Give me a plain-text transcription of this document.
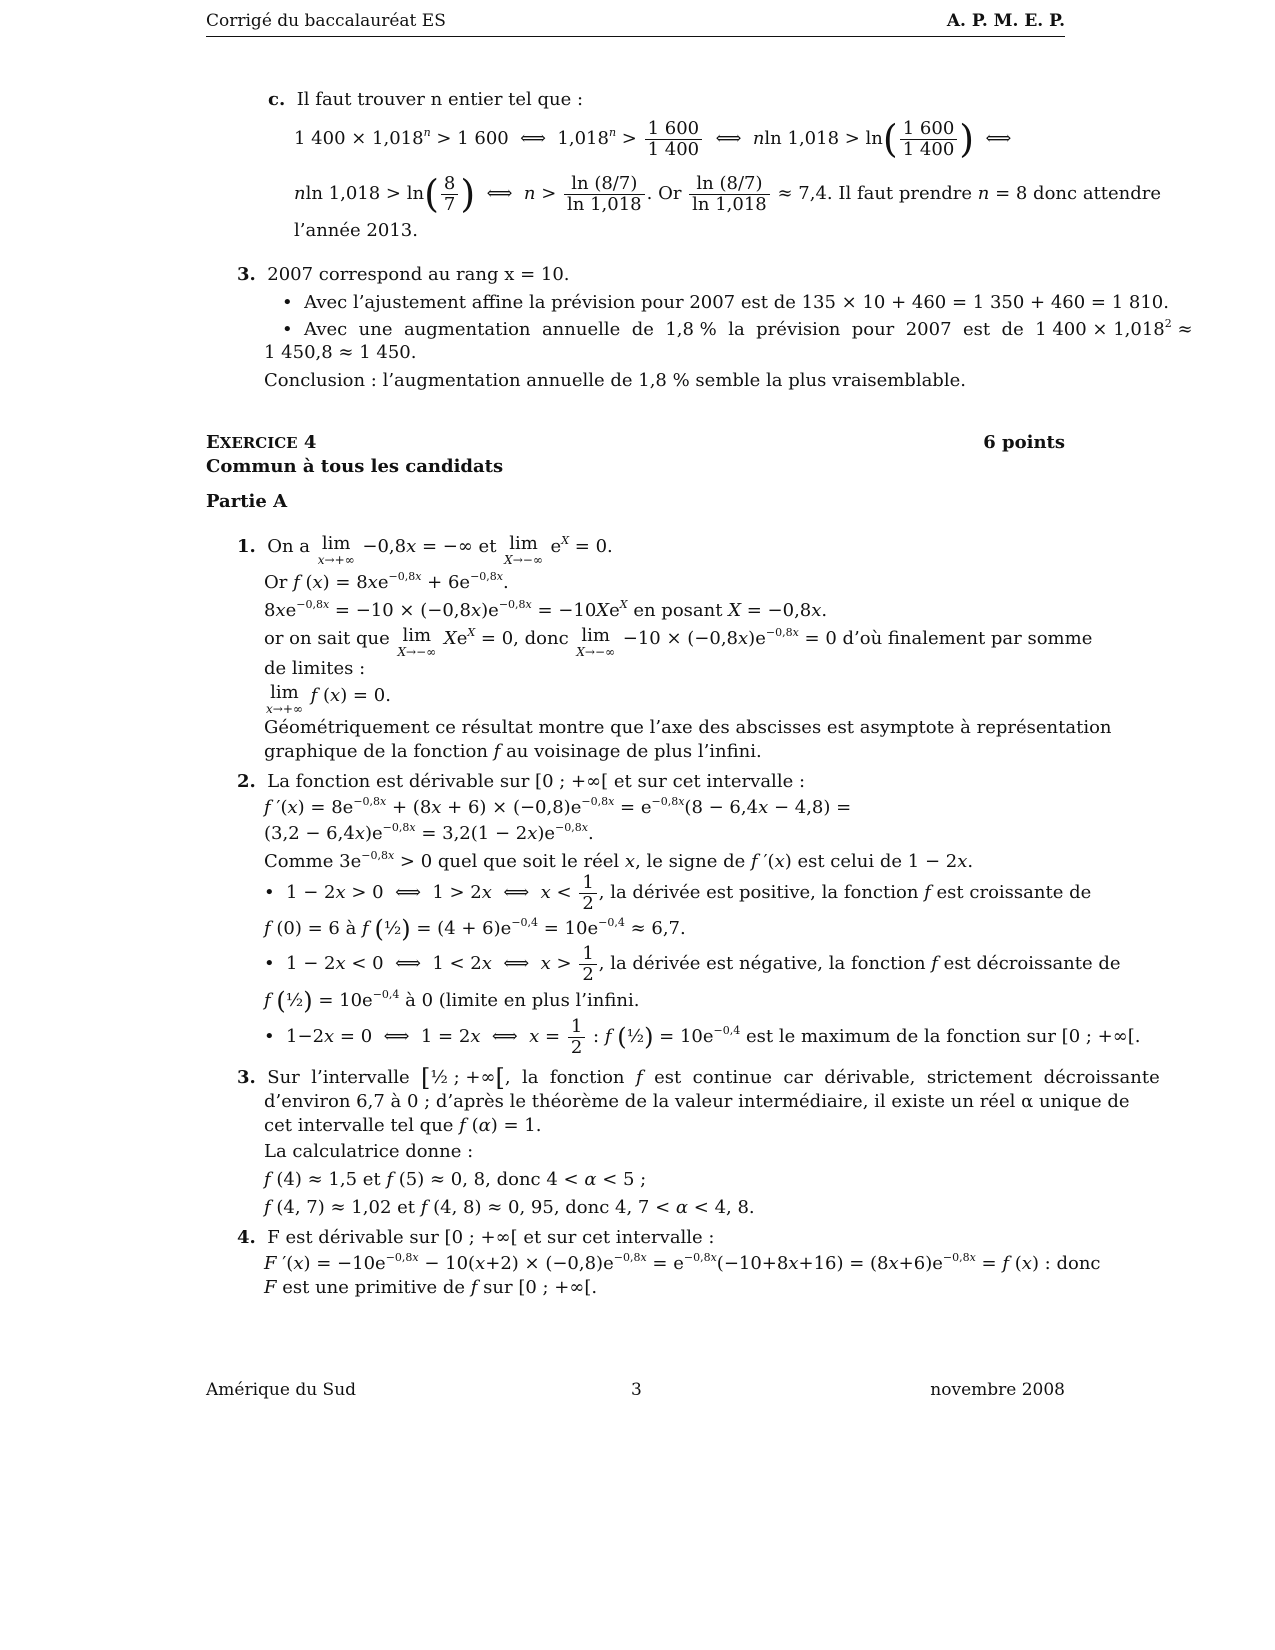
Corrigé du baccalauréat ES	A. P. M. E. P.
c. Il faut trouver n entier tel que :
1 $400 \times 1,018^n > 1$ 600  ⟺  $1,018^n > \frac{1 600}{1 400}$ ⟺  nln $1,018 > \ln( \frac{1 600}{1 400}$ )  ⟺
nln $1,018 > \ln( \frac{8}{7}$ )  ⟺  $n > \frac{\ln (8/7)}{\ln 1,018}$ . Or $\frac{\ln (8/7)}{\ln 1,018} \approx 7,4$. Il faut prendre n = 8 donc attendre
l’année 2013.
3. 2007 correspond au rang x = 10.
•  Avec l’ajustement affine la prévision pour 2007 est de 135 × 10 + 460 = 1 350 + 460 = 1 810.
•  Avec  une  augmentation  annuelle  de  1,8 %  la  prévision  pour  2007  est  de  1 $400 \times 1,018^2$ ≈
1 450,8 ≈ 1 450.
Conclusion : l’augmentation annuelle de 1,8 % semble la plus vraisemblable.
EXERCICE 4	6 points
Commun à tous les candidats
Partie A
1.  On a lim
x→+∞
−0,8x = −∞ et lim
X→−∞
$e^X = 0$.
Or f $(x) = 8xe^{-0,8x} + 6e^{-0,8x}$.
$8xe^{-0,8x} = -10 \times (-0,8x)e^{-0,8x} = -10Xe^X$ en posant X = −0,8x.
or on sait que lim
X→−∞
$Xe^X = 0$, donc lim
X→−∞
$-10 \times (-0,8x)e^{-0,8x} = 0$ d’où finalement par somme
de limites :
lim
x→+∞
f (x) = 0.
Géométriquement ce résultat montre que l’axe des abscisses est asymptote à représentation
graphique de la fonction f au voisinage de plus l’infini.
2. La fonction est dérivable sur [0 ; +∞[ et sur cet intervalle :
f $'(x) = 8e^{-0,8x} + (8x + 6) \times (-0,8)e^{-0,8x} = e^{-0,8x}(8 - 6,4x - 4,8)$ =
$(3,2 - 6,4x)e^{-0,8x} = 3,2(1 - 2x)e^{-0,8x}$.
Comme $3e^{-0,8x} > 0$ quel que soit le réel x, le signe de f ′(x) est celui de 1 − 2x.
•  1 − 2x > 0  ⟺  1 > 2x  ⟺  $x < \frac{1}{2}$ , la dérivée est positive, la fonction f est croissante de
f (0) = 6 à f (½) = $(4 + 6)e^{-0,4} = 10e^{-0,4} \approx 6,7$.
•  1 − 2x < 0  ⟺  1 < 2x  ⟺  $x > \frac{1}{2}$ , la dérivée est négative, la fonction f est décroissante de
f (½) = $10e^{-0,4}$ à 0 (limite en plus l’infini.
•  1−2x = 0  ⟺  1 = 2x  ⟺  $x = \frac{1}{2}$ : f (½) = $10e^{-0,4}$ est le maximum de la fonction sur [0 ; +∞[.
3.  Sur  l’intervalle  [½ ; +∞[,  la  fonction  f  est  continue  car  dérivable,  strictement  décroissante
d’environ 6,7 à 0 ; d’après le théorème de la valeur intermédiaire, il existe un réel α unique de
cet intervalle tel que f (α) = 1.
La calculatrice donne :
f (4) ≈ 1,5 et f (5) ≈ 0, 8, donc 4 < α < 5 ;
f (4, 7) ≈ 1,02 et f (4, 8) ≈ 0, 95, donc 4, 7 < α < 4, 8.
4. F est dérivable sur [0 ; +∞[ et sur cet intervalle :
F $'(x) = -10e^{-0,8x} - 10(x+2) \times (-0,8)e^{-0,8x} = e^{-0,8x}(-10+8x+16) = (8x+6)e^{-0,8x} = f$ (x) : donc
F est une primitive de f sur [0 ; +∞[.
Amérique du Sud	3	novembre 2008
